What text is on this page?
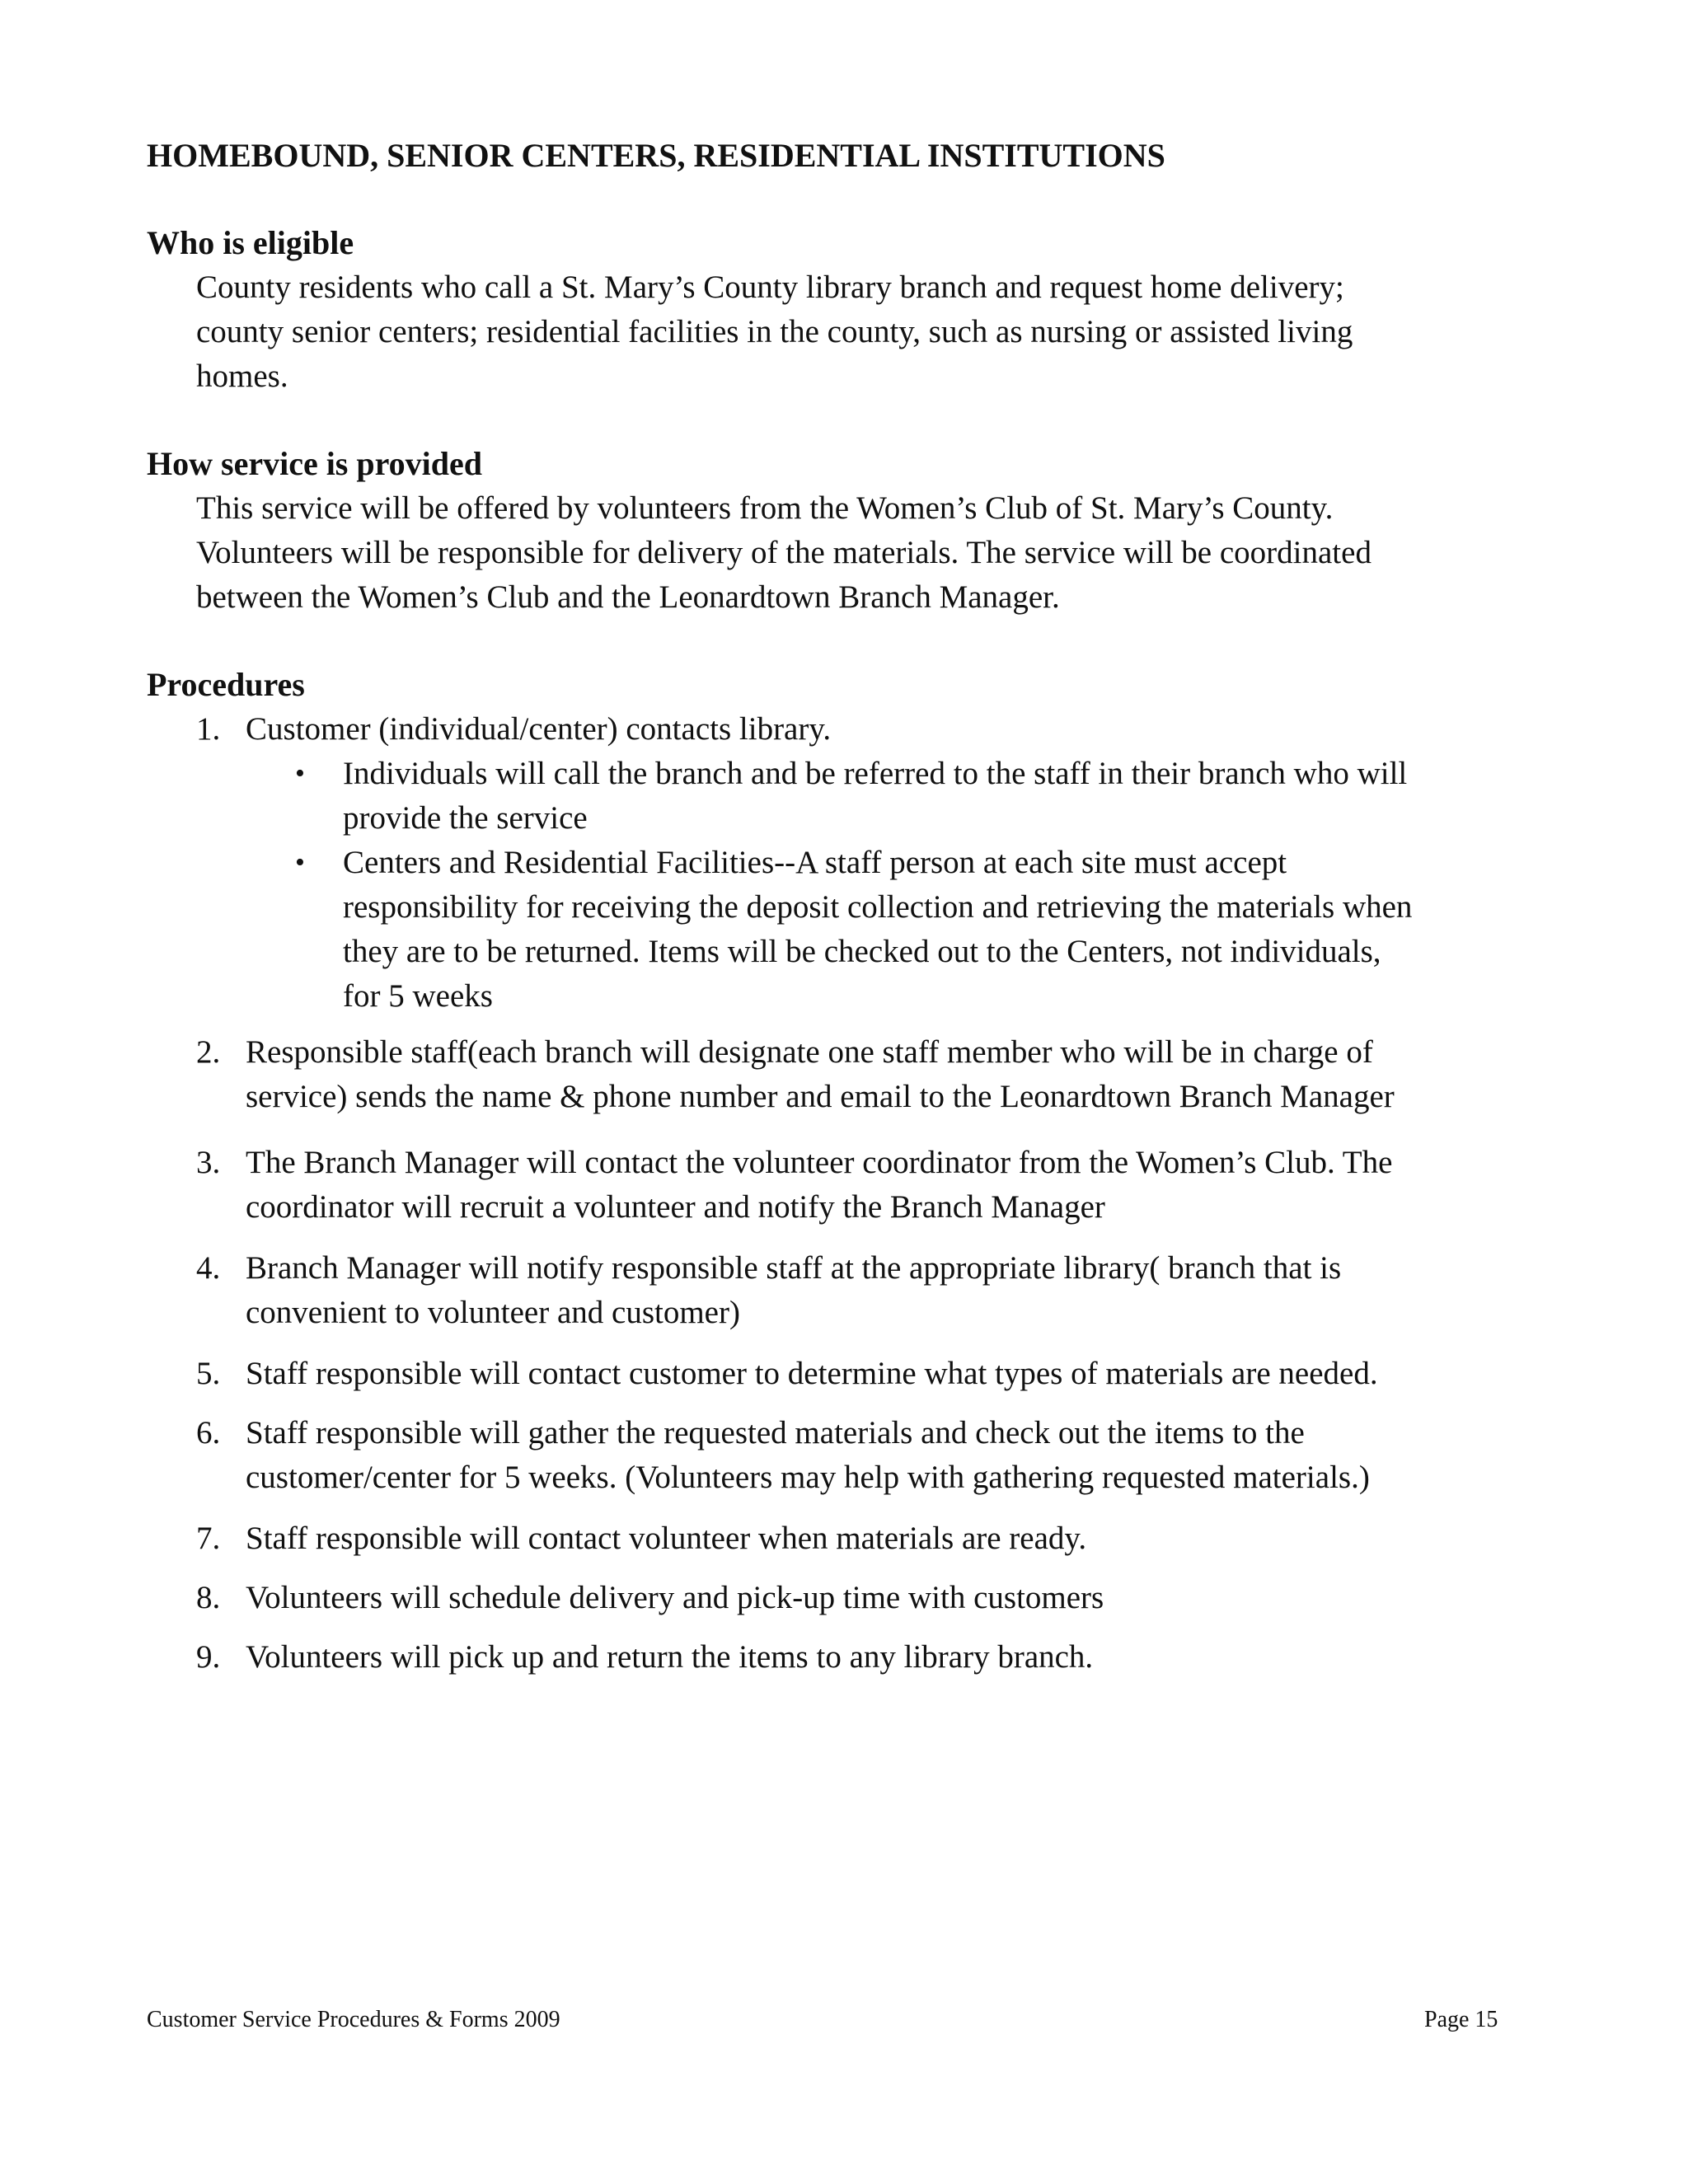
HOMEBOUND, SENIOR CENTERS, RESIDENTIAL INSTITUTIONS
Who is eligible
County residents who call a St. Mary’s County library branch and request home delivery;
county senior centers; residential facilities in the county, such as nursing or assisted living
homes.
How service is provided
This service will be offered by volunteers from the Women’s Club of St. Mary’s County.
Volunteers will be responsible for delivery of the materials. The service will be coordinated
between the Women’s Club and the Leonardtown Branch Manager.
Procedures
1. Customer (individual/center) contacts library.
•	Individuals will call the branch and be referred to the staff in their branch who will
provide the service
•	Centers and Residential Facilities--A staff person at each site must accept
responsibility for receiving the deposit collection and retrieving the materials when
they are to be returned. Items will be checked out to the Centers, not individuals,
for 5 weeks
2. Responsible staff(each branch will designate one staff member who will be in charge of
service) sends the name & phone number and email to the Leonardtown Branch Manager
3. The Branch Manager will contact the volunteer coordinator from the Women’s Club. The
coordinator will recruit a volunteer and notify the Branch Manager
4. Branch Manager will notify responsible staff at the appropriate library( branch that is
convenient to volunteer and customer)
5. Staff responsible will contact customer to determine what types of materials are needed.
6. Staff responsible will gather the requested materials and check out the items to the
customer/center for 5 weeks. (Volunteers may help with gathering requested materials.)
7. Staff responsible will contact volunteer when materials are ready.
8. Volunteers will schedule delivery and pick-up time with customers
9. Volunteers will pick up and return the items to any library branch.
Customer Service Procedures & Forms 2009	Page 15
